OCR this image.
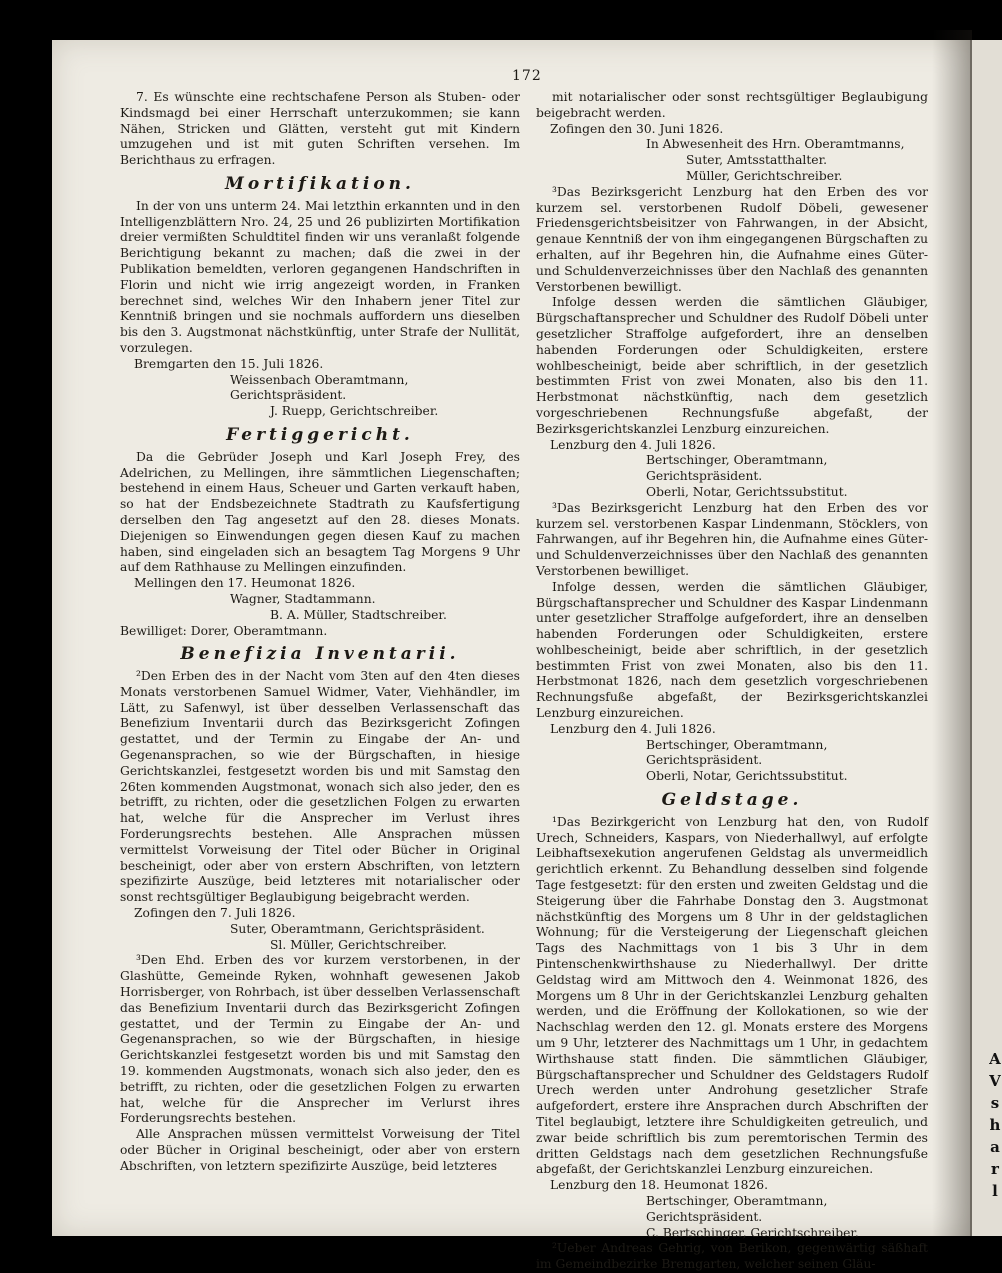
A
V
s
h
a
r
l
172
7. Es wünschte eine rechtschafene Person als Stuben- oder Kindsmagd bei einer Herrschaft unterzukommen; sie kann Nähen, Stricken und Glätten, versteht gut mit Kindern umzugehen und ist mit guten Schriften versehen. Im Berichthaus zu erfragen.
Mortifikation.
In der von uns unterm 24. Mai letzthin erkannten und in den Intelligenzblättern Nro. 24, 25 und 26 publizirten Mortifikation dreier vermißten Schuldtitel finden wir uns veranlaßt folgende Berichtigung bekannt zu machen; daß die zwei in der Publikation bemeldten, verloren gegangenen Handschriften in Florin und nicht wie irrig angezeigt worden, in Franken berechnet sind, welches Wir den Inhabern jener Titel zur Kenntniß bringen und sie nochmals auffordern uns dieselben bis den 3. Augstmonat nächstkünftig, unter Strafe der Nullität, vorzulegen.
Bremgarten den 15. Juli 1826.
Weissenbach Oberamtmann, Gerichtspräsident.
J. Ruepp, Gerichtschreiber.
Fertiggericht.
Da die Gebrüder Joseph und Karl Joseph Frey, des Adelrichen, zu Mellingen, ihre sämmtlichen Liegenschaften; bestehend in einem Haus, Scheuer und Garten verkauft haben, so hat der Endsbezeichnete Stadtrath zu Kaufsfertigung derselben den Tag angesetzt auf den 28. dieses Monats. Diejenigen so Einwendungen gegen diesen Kauf zu machen haben, sind eingeladen sich an besagtem Tag Morgens 9 Uhr auf dem Rathhause zu Mellingen einzufinden.
Mellingen den 17. Heumonat 1826.
Wagner, Stadtammann.
B. A. Müller, Stadtschreiber.
Bewilliget: Dorer, Oberamtmann.
Benefizia Inventarii.
²Den Erben des in der Nacht vom 3ten auf den 4ten dieses Monats verstorbenen Samuel Widmer, Vater, Viehhändler, im Lätt, zu Safenwyl, ist über desselben Verlassenschaft das Benefizium Inventarii durch das Bezirksgericht Zofingen gestattet, und der Termin zu Eingabe der An- und Gegenansprachen, so wie der Bürgschaften, in hiesige Gerichtskanzlei, festgesetzt worden bis und mit Samstag den 26ten kommenden Augstmonat, wonach sich also jeder, den es betrifft, zu richten, oder die gesetzlichen Folgen zu erwarten hat, welche für die Ansprecher im Verlust ihres Forderungsrechts bestehen. Alle Ansprachen müssen vermittelst Vorweisung der Titel oder Bücher in Original bescheinigt, oder aber von erstern Abschriften, von letztern spezifizirte Auszüge, beid letzteres mit notarialischer oder sonst rechtsgültiger Beglaubigung beigebracht werden.
Zofingen den 7. Juli 1826.
Suter, Oberamtmann, Gerichtspräsident.
Sl. Müller, Gerichtschreiber.
³Den Ehd. Erben des vor kurzem verstorbenen, in der Glashütte, Gemeinde Ryken, wohnhaft gewesenen Jakob Horrisberger, von Rohrbach, ist über desselben Verlassenschaft das Benefizium Inventarii durch das Bezirksgericht Zofingen gestattet, und der Termin zu Eingabe der An- und Gegenansprachen, so wie der Bürgschaften, in hiesige Gerichtskanzlei festgesetzt worden bis und mit Samstag den 19. kommenden Augstmonats, wonach sich also jeder, den es betrifft, zu richten, oder die gesetzlichen Folgen zu erwarten hat, welche für die Ansprecher im Verlurst ihres Forderungsrechts bestehen.
Alle Ansprachen müssen vermittelst Vorweisung der Titel oder Bücher in Original bescheinigt, oder aber von erstern Abschriften, von letztern spezifizirte Auszüge, beid letzteres
mit notarialischer oder sonst rechtsgültiger Beglaubigung beigebracht werden.
Zofingen den 30. Juni 1826.
In Abwesenheit des Hrn. Oberamtmanns,
Suter, Amtsstatthalter.
Müller, Gerichtschreiber.
³Das Bezirksgericht Lenzburg hat den Erben des vor kurzem sel. verstorbenen Rudolf Döbeli, gewesener Friedensgerichtsbeisitzer von Fahrwangen, in der Absicht, genaue Kenntniß der von ihm eingegangenen Bürgschaften zu erhalten, auf ihr Begehren hin, die Aufnahme eines Güter- und Schuldenverzeichnisses über den Nachlaß des genannten Verstorbenen bewilligt.
Infolge dessen werden die sämtlichen Gläubiger, Bürgschaftansprecher und Schuldner des Rudolf Döbeli unter gesetzlicher Straffolge aufgefordert, ihre an denselben habenden Forderungen oder Schuldigkeiten, erstere wohlbescheinigt, beide aber schriftlich, in der gesetzlich bestimmten Frist von zwei Monaten, also bis den 11. Herbstmonat nächstkünftig, nach dem gesetzlich vorgeschriebenen Rechnungsfuße abgefaßt, der Bezirksgerichtskanzlei Lenzburg einzureichen.
Lenzburg den 4. Juli 1826.
Bertschinger, Oberamtmann, Gerichtspräsident.
Oberli, Notar, Gerichtssubstitut.
³Das Bezirksgericht Lenzburg hat den Erben des vor kurzem sel. verstorbenen Kaspar Lindenmann, Stöcklers, von Fahrwangen, auf ihr Begehren hin, die Aufnahme eines Güter- und Schuldenverzeichnisses über den Nachlaß des genannten Verstorbenen bewilliget.
Infolge dessen, werden die sämtlichen Gläubiger, Bürgschaftansprecher und Schuldner des Kaspar Lindenmann unter gesetzlicher Straffolge aufgefordert, ihre an denselben habenden Forderungen oder Schuldigkeiten, erstere wohlbescheinigt, beide aber schriftlich, in der gesetzlich bestimmten Frist von zwei Monaten, also bis den 11. Herbstmonat 1826, nach dem gesetzlich vorgeschriebenen Rechnungsfuße abgefaßt, der Bezirksgerichtskanzlei Lenzburg einzureichen.
Lenzburg den 4. Juli 1826.
Bertschinger, Oberamtmann, Gerichtspräsident.
Oberli, Notar, Gerichtssubstitut.
Geldstage.
¹Das Bezirkgericht von Lenzburg hat den, von Rudolf Urech, Schneiders, Kaspars, von Niederhallwyl, auf erfolgte Leibhaftsexekution angerufenen Geldstag als unvermeidlich gerichtlich erkennt. Zu Behandlung desselben sind folgende Tage festgesetzt: für den ersten und zweiten Geldstag und die Steigerung über die Fahrhabe Donstag den 3. Augstmonat nächstkünftig des Morgens um 8 Uhr in der geldstaglichen Wohnung; für die Versteigerung der Liegenschaft gleichen Tags des Nachmittags von 1 bis 3 Uhr in dem Pintenschenkwirthshause zu Niederhallwyl. Der dritte Geldstag wird am Mittwoch den 4. Weinmonat 1826, des Morgens um 8 Uhr in der Gerichtskanzlei Lenzburg gehalten werden, und die Eröffnung der Kollokationen, so wie der Nachschlag werden den 12. gl. Monats erstere des Morgens um 9 Uhr, letzterer des Nachmittags um 1 Uhr, in gedachtem Wirthshause statt finden. Die sämmtlichen Gläubiger, Bürgschaftansprecher und Schuldner des Geldstagers Rudolf Urech werden unter Androhung gesetzlicher Strafe aufgefordert, erstere ihre Ansprachen durch Abschriften der Titel beglaubigt, letztere ihre Schuldigkeiten getreulich, und zwar beide schriftlich bis zum peremtorischen Termin des dritten Geldstags nach dem gesetzlichen Rechnungsfuße abgefaßt, der Gerichtskanzlei Lenzburg einzureichen.
Lenzburg den 18. Heumonat 1826.
Bertschinger, Oberamtmann, Gerichtspräsident.
C. Bertschinger, Gerichtschreiber.
²Ueber Andreas Gehrig, von Berikon, gegenwärtig säßhaft im Gemeindbezirke Bremgarten, welcher seinen Gläu-
